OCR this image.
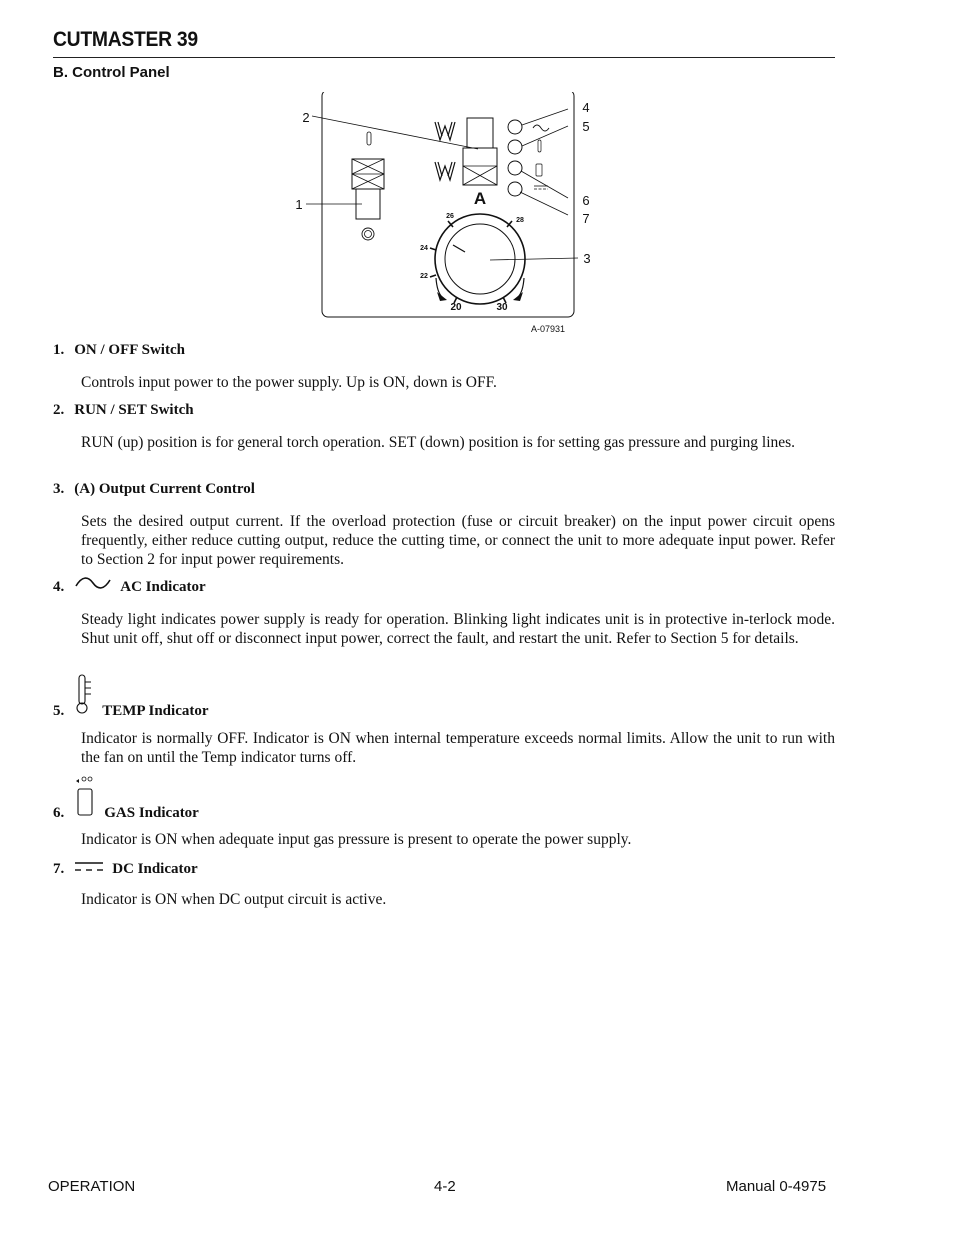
CUTMASTER 39
B. Control Panel
A
26
28
24
22
20	30
1
2
3
4
5
6
7
A-07931
1. ON / OFF Switch
Controls input power to the power supply. Up is ON, down is OFF.
2. RUN / SET Switch
RUN (up) position is for general torch operation. SET (down) position is for setting gas pressure and purging lines.
3. (A) Output Current Control
Sets the desired output current. If the overload protection (fuse or circuit breaker) on the input power circuit opens frequently, either reduce cutting output, reduce the cutting time, or connect the unit to more adequate input power. Refer to Section 2 for input power requirements.
4.	AC Indicator
Steady light indicates power supply is ready for operation. Blinking light indicates unit is in protective in-terlock mode. Shut unit off, shut off or disconnect input power, correct the fault, and restart the unit. Refer to Section 5 for details.
5.	TEMP Indicator
Indicator is normally OFF. Indicator is ON when internal temperature exceeds normal limits. Allow the unit to run with the fan on until the Temp indicator turns off.
6.	GAS Indicator
Indicator is ON when adequate input gas pressure is present to operate the power supply.
7.	DC Indicator
Indicator is ON when DC output circuit is active.
OPERATION	4-2	Manual 0-4975
